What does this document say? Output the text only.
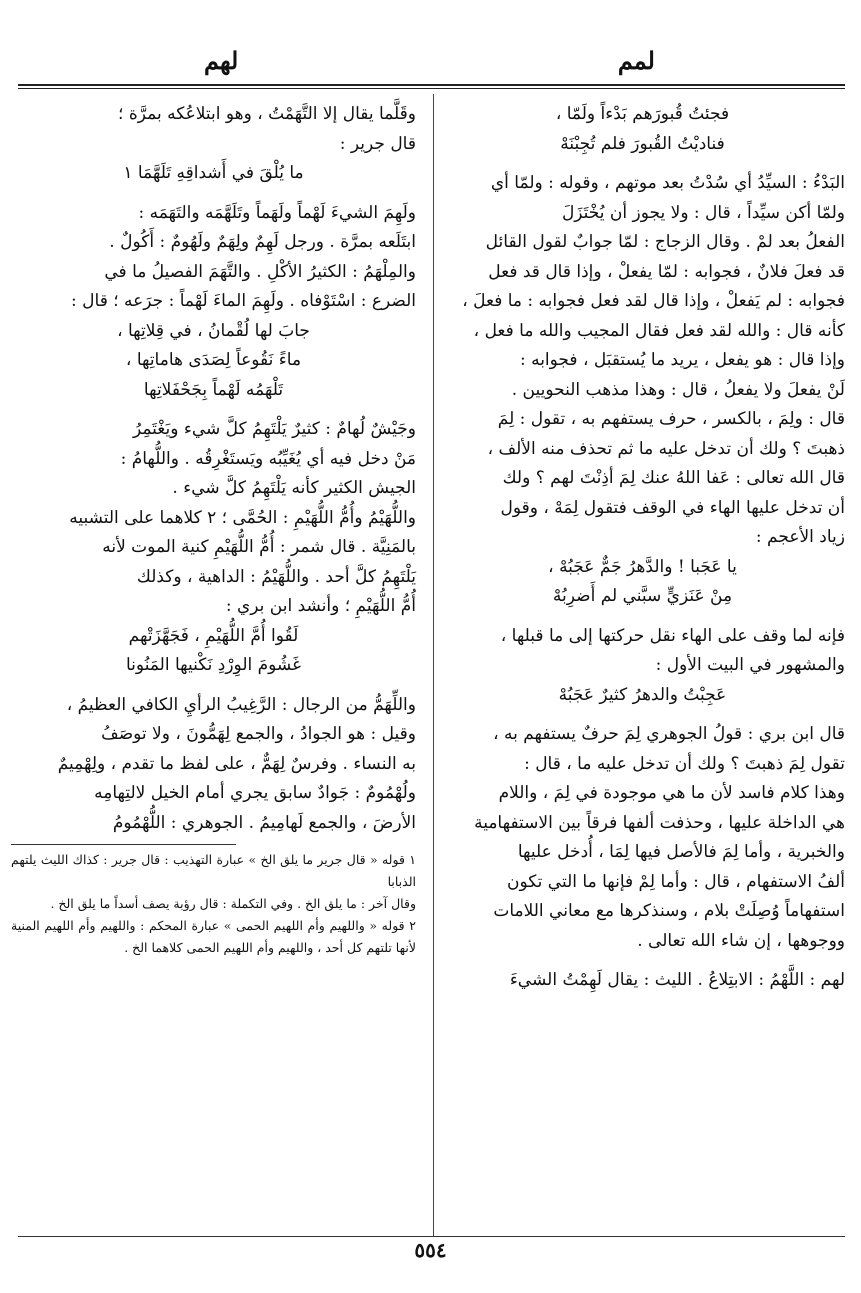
لمم
لهم

فجئتُ قُبورَهم بَدْءاً ولَمّا ،

فناديْتُ القُبورَ فلم تُجِبْنَهْ

البَدْءُ : السيِّدُ أي سُدْتُ بعد موتهم ، وقوله : ولمّا أي

ولمّا أكن سيِّداً ، قال : ولا يجوز أن يُخْتَزَلَ

الفعلُ بعد لمْ . وقال الزجاج : لمّا جوابٌ لقول القائل

قد فعلَ فلانٌ ، فجوابه : لمّا يفعلْ ، وإذا قال قد فعل

فجوابه : لم يَفعلْ ، وإذا قال لقد فعل فجوابه : ما فعلَ ،

كأنه قال : والله لقد فعل فقال المجيب والله ما فعل ،

وإذا قال : هو يفعل ، يريد ما يُستقبَل ، فجوابه :

لَنْ يفعلَ ولا يفعلُ ، قال : وهذا مذهب النحويين .

قال : ولِمَ ، بالكسر ، حرف يستفهم به ، تقول : لِمَ

ذهبتَ ؟ ولك أن تدخل عليه ما ثم تحذف منه الألف ،

قال الله تعالى : عَفا اللهُ عنك لِمَ أذِنْتَ لهم ؟ ولك

أن تدخل عليها الهاء في الوقف فتقول لِمَهْ ، وقول

زياد الأعجم :

يا عَجَبا ! والدَّهرُ جَمٌّ عَجَبُهْ ،

مِنْ عَنَزيٍّ سبَّني لم أَضرِبُهْ

فإنه لما وقف على الهاء نقل حركتها إلى ما قبلها ،

والمشهور في البيت الأول :

عَجِبْتُ والدهرُ كثيرٌ عَجَبُهْ

قال ابن بري : قولُ الجوهري لِمَ حرفٌ يستفهم به ،

تقول لِمَ ذهبتَ ؟ ولك أن تدخل عليه ما ، قال :

وهذا كلام فاسد لأن ما هي موجودة في لِمَ ، واللام

هي الداخلة عليها ، وحذفت ألفها فرقاً بين الاستفهامية

والخبرية ، وأما لِمَ فالأصل فيها لِمَا ، أُدخل عليها

ألفُ الاستفهام ، قال : وأما لِمْ فإنها ما التي تكون

استفهاماً وُصِلَتْ بلام ، وسنذكرها مع معاني اللامات

ووجوهها ، إن شاء الله تعالى .

لهم : اللَّهْمُ : الابتِلاعُ . الليث : يقال لَهِمْتُ الشيءَ

وقَلَّما يقال إلا التَّهَمْتُ ، وهو ابتلاعُكه بمرَّة ؛

قال جرير :

ما يُلْقَ في أَشداقِهِ تَلَهَّمَا ١

ولَهِمَ الشيءَ لَهْماً ولَهَماً وتَلَهَّمَه والتَهَمَه :

ابتَلَعه بمرَّة . ورجل لَهِمٌ ولِهَمٌ ولَهُومٌ : أَكُولٌ .

والمِلْهَمُ : الكثيرُ الأكْلِ . والتَّهَمَ الفصيلُ ما في

الضرع : اسْتَوْفاه . ولَهِمَ الماءَ لَهْماً : جرَعه ؛ قال :

جابَ لها لُقْمانُ ، في قِلاتِها ،

ماءً نَقُوعاً لِصَدَى هاماتِها ،

تَلْهَمُه لَهْماً بِجَحْفَلاتِها

وجَيْشٌ لُهامٌ : كثيرٌ يَلْتَهِمُ كلَّ شيء ويَغْتَمِرُ

مَنْ دخل فيه أي يُغَيِّبُه ويَستَغْرِقُه . واللُّهامُ :

الجيش الكثير كأنه يَلْتَهِمُ كلَّ شيء .

واللُّهَيْمُ وأُمُّ اللُّهَيْمِ : الحُمَّى ؛ ٢ كلاهما على التشبيه

بالمَنِيَّة . قال شمر : أُمُّ اللُّهَيْمِ كنية الموت لأنه

يَلْتَهِمُ كلَّ أحد . واللُّهَيْمُ : الداهية ، وكذلك

أُمُّ اللُّهَيْمِ ؛ وأنشد ابن بري :

لَقُوا أُمَّ اللُّهَيْمِ ، فَجَهَّزَتْهم

غَشُومَ الوِرْدِ نَكْنيها المَنُونا

واللِّهَمُّ من الرجال : الرَّغِيبُ الرأيِ الكافي العظيمُ ،

وقيل : هو الجوادُ ، والجمع لِهَمُّونَ ، ولا توصَفُ

به النساء . وفرسٌ لِهَمٌّ ، على لفظ ما تقدم ، ولِهْمِيمٌ

ولُهْمُومٌ : جَوادٌ سابق يجري أمام الخيل لالتِهامِه

الأرضَ ، والجمع لَهامِيمُ . الجوهري : اللُّهْمُومُ

١ قوله « قال جرير ما يلق الخ » عبارة التهذيب : قال جرير : كذاك الليث يلتهم الذبابا

وقال آخر : ما يلق الخ . وفي التكملة : قال رؤبة يصف أسداً ما يلق الخ .

٢ قوله « واللهيم وأم اللهيم الحمى » عبارة المحكم : واللهيم وأم اللهيم المنية لأنها تلتهم كل أحد ، واللهيم وأم اللهيم الحمى كلاهما الخ .

٥٥٤
